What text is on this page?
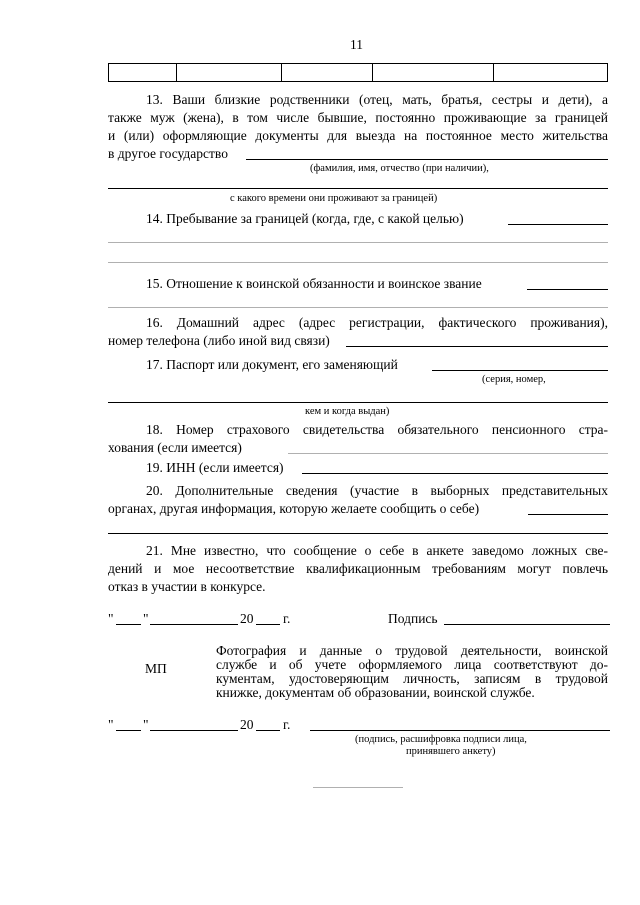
11

13. Ваши близкие родственники (отец, мать, братья, сестры и дети), а
также муж (жена), в том числе бывшие, постоянно проживающие за границей
и (или) оформляющие документы для выезда на постоянное место жительства
в другое государство
(фамилия, имя, отчество (при наличии),
с какого времени они проживают за границей)
14. Пребывание за границей (когда, где, с какой целью)
15. Отношение к воинской обязанности и воинское звание
16. Домашний адрес (адрес регистрации, фактического проживания),
номер телефона (либо иной вид связи)
17. Паспорт или документ, его заменяющий
(серия, номер,
кем и когда выдан)
18. Номер страхового свидетельства обязательного пенсионного стра-
хования (если имеется)
19. ИНН (если имеется)
20. Дополнительные сведения (участие в выборных представительных
органах, другая информация, которую желаете сообщить о себе)
21. Мне известно, что сообщение о себе в анкете заведомо ложных све-
дений и мое несоответствие квалификационным требованиям могут повлечь
отказ в участии в конкурсе.
" "	20 г.	Подпись
МП
Фотография и данные о трудовой деятельности, воинской
службе и об учете оформляемого лица соответствуют до-
кументам, удостоверяющим личность, записям в трудовой
книжке, документам об образовании, воинской службе.
" "	20 г.
(подпись, расшифровка подписи лица,
принявшего анкету)
